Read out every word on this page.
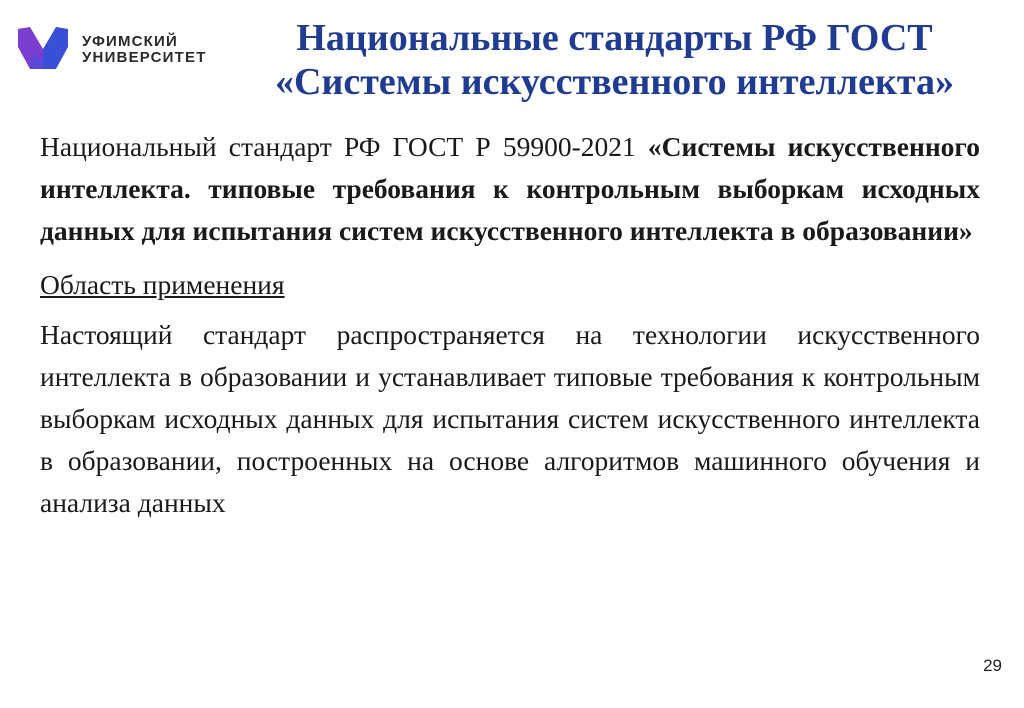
УФИМСКИЙ
УНИВЕРСИТЕТ	Национальные стандарты РФ ГОСТ
«Системы искусственного интеллекта»

Национальный стандарт РФ ГОСТ Р 59900-2021 «Системы искусственного интеллекта. типовые требования к контрольным выборкам исходных данных для испытания систем искусственного интеллекта в образовании»

Область применения

Настоящий стандарт распространяется на технологии искусственного интеллекта в образовании и устанавливает типовые требования к контрольным выборкам исходных данных для испытания систем искусственного интеллекта в образовании, построенных на основе алгоритмов машинного обучения и анализа данных

29
